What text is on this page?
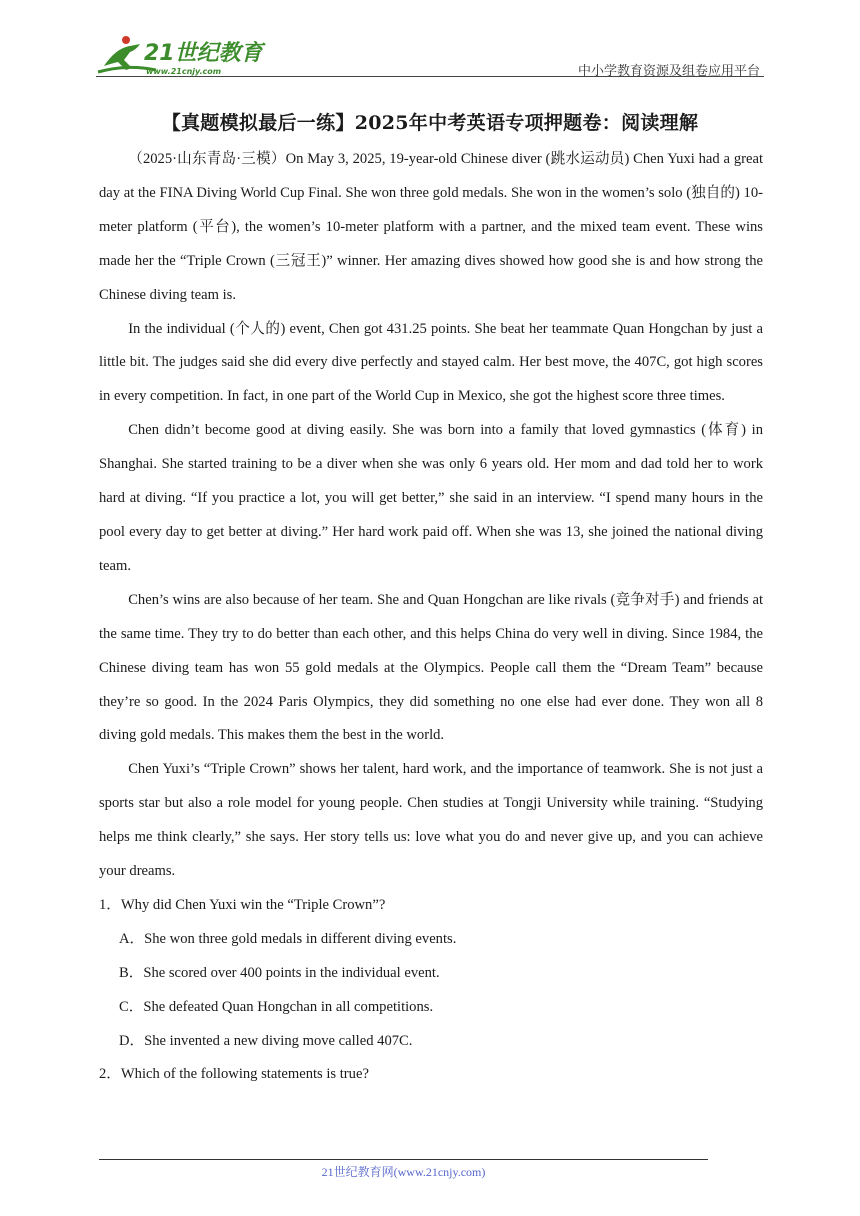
21世纪教育
www.21cnjy.com	中小学教育资源及组卷应用平台
【真题模拟最后一练】2025年中考英语专项押题卷：阅读理解

（2025·山东青岛·三模）On May 3, 2025, 19-year-old Chinese diver (跳水运动员) Chen Yuxi had a great day at the FINA Diving World Cup Final. She won three gold medals. She won in the women’s solo (独自的) 10-meter platform (平台), the women’s 10-meter platform with a partner, and the mixed team event. These wins made her the “Triple Crown (三冠王)” winner. Her amazing dives showed how good she is and how strong the Chinese diving team is.

In the individual (个人的) event, Chen got 431.25 points. She beat her teammate Quan Hongchan by just a little bit. The judges said she did every dive perfectly and stayed calm. Her best move, the 407C, got high scores in every competition. In fact, in one part of the World Cup in Mexico, she got the highest score three times.

Chen didn’t become good at diving easily. She was born into a family that loved gymnastics (体育) in Shanghai. She started training to be a diver when she was only 6 years old. Her mom and dad told her to work hard at diving. “If you practice a lot, you will get better,” she said in an interview. “I spend many hours in the pool every day to get better at diving.” Her hard work paid off. When she was 13, she joined the national diving team.

Chen’s wins are also because of her team. She and Quan Hongchan are like rivals (竞争对手) and friends at the same time. They try to do better than each other, and this helps China do very well in diving. Since 1984, the Chinese diving team has won 55 gold medals at the Olympics. People call them the “Dream Team” because they’re so good. In the 2024 Paris Olympics, they did something no one else had ever done. They won all 8 diving gold medals. This makes them the best in the world.

Chen Yuxi’s “Triple Crown” shows her talent, hard work, and the importance of teamwork. She is not just a sports star but also a role model for young people. Chen studies at Tongji University while training. “Studying helps me think clearly,” she says. Her story tells us: love what you do and never give up, and you can achieve your dreams.

1．Why did Chen Yuxi win the “Triple Crown”?
A．She won three gold medals in different diving events.
B．She scored over 400 points in the individual event.
C．She defeated Quan Hongchan in all competitions.
D．She invented a new diving move called 407C.
2．Which of the following statements is true?
21世纪教育网(www.21cnjy.com)
